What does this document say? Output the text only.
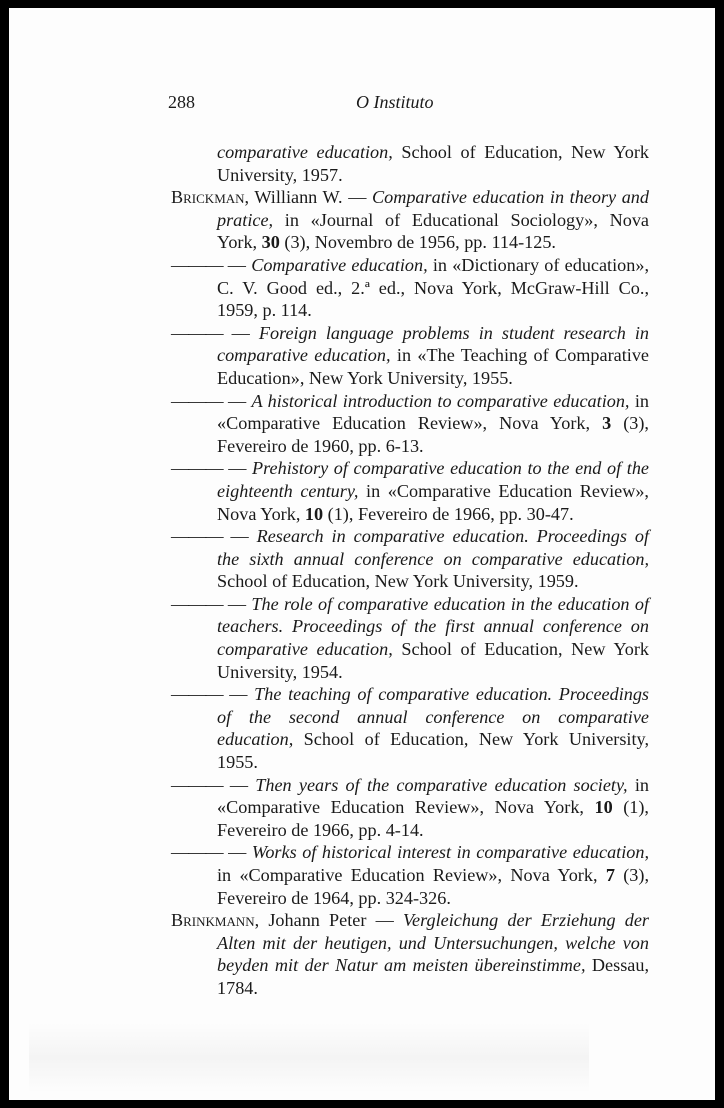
288	O Instituto

comparative education, School of Education, New York University, 1957.

Brickman, Williann W. — Comparative education in theory and pratice, in «Journal of Educational Sociology», Nova York, 30 (3), Novembro de 1956, pp. 114-125.

——— — Comparative education, in «Dictionary of education», C. V. Good ed., 2.ª ed., Nova York, McGraw-Hill Co., 1959, p. 114.

——— — Foreign language problems in student research in comparative education, in «The Teaching of Comparative Education», New York University, 1955.

——— — A historical introduction to comparative education, in «Comparative Education Review», Nova York, 3 (3), Fevereiro de 1960, pp. 6-13.

——— — Prehistory of comparative education to the end of the eighteenth century, in «Comparative Education Review», Nova York, 10 (1), Fevereiro de 1966, pp. 30-47.

——— — Research in comparative education. Proceedings of the sixth annual conference on comparative education, School of Education, New York University, 1959.

——— — The role of comparative education in the education of teachers. Proceedings of the first annual conference on comparative education, School of Education, New York University, 1954.

——— — The teaching of comparative education. Proceedings of the second annual conference on comparative education, School of Education, New York University, 1955.

——— — Then years of the comparative education society, in «Comparative Education Review», Nova York, 10 (1), Fevereiro de 1966, pp. 4-14.

——— — Works of historical interest in comparative education, in «Comparative Education Review», Nova York, 7 (3), Fevereiro de 1964, pp. 324-326.

Brinkmann, Johann Peter — Vergleichung der Erziehung der Alten mit der heutigen, und Untersuchungen, welche von beyden mit der Natur am meisten übereinstimme, Dessau, 1784.
